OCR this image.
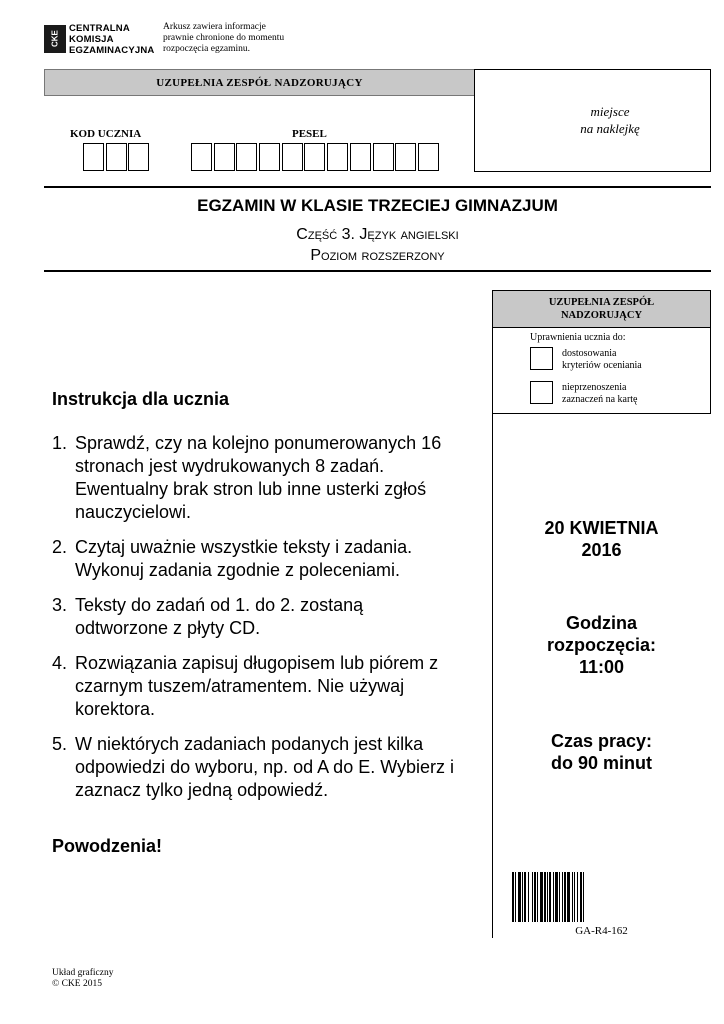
CKE
CENTRALNA
KOMISJA
EGZAMINACYJNA
Arkusz zawiera informacje
prawnie chronione do momentu
rozpoczęcia egzaminu.
UZUPEŁNIA ZESPÓŁ NADZORUJĄCY
KOD UCZNIA	PESEL
miejsce
na naklejkę
EGZAMIN W KLASIE TRZECIEJ GIMNAZJUM
Część 3. Język angielski
Poziom rozszerzony
UZUPEŁNIA ZESPÓŁ
NADZORUJĄCY
Uprawnienia ucznia do:
dostosowania
kryteriów oceniania
nieprzenoszenia
zaznaczeń na kartę
20 KWIETNIA
2016
Godzina
rozpoczęcia:
11:00
Czas pracy:
do 90 minut
Instrukcja dla ucznia
1. Sprawdź, czy na kolejno ponumerowanych 16 stronach jest wydrukowanych 8 zadań. Ewentualny brak stron lub inne usterki zgłoś nauczycielowi.
2. Czytaj uważnie wszystkie teksty i zadania. Wykonuj zadania zgodnie z poleceniami.
3. Teksty do zadań od 1. do 2. zostaną odtworzone z płyty CD.
4. Rozwiązania zapisuj długopisem lub piórem z czarnym tuszem/atramentem. Nie używaj korektora.
5. W niektórych zadaniach podanych jest kilka odpowiedzi do wyboru, np. od A do E. Wybierz i zaznacz tylko jedną odpowiedź.
Powodzenia!
GA-R4-162
Układ graficzny
© CKE 2015
